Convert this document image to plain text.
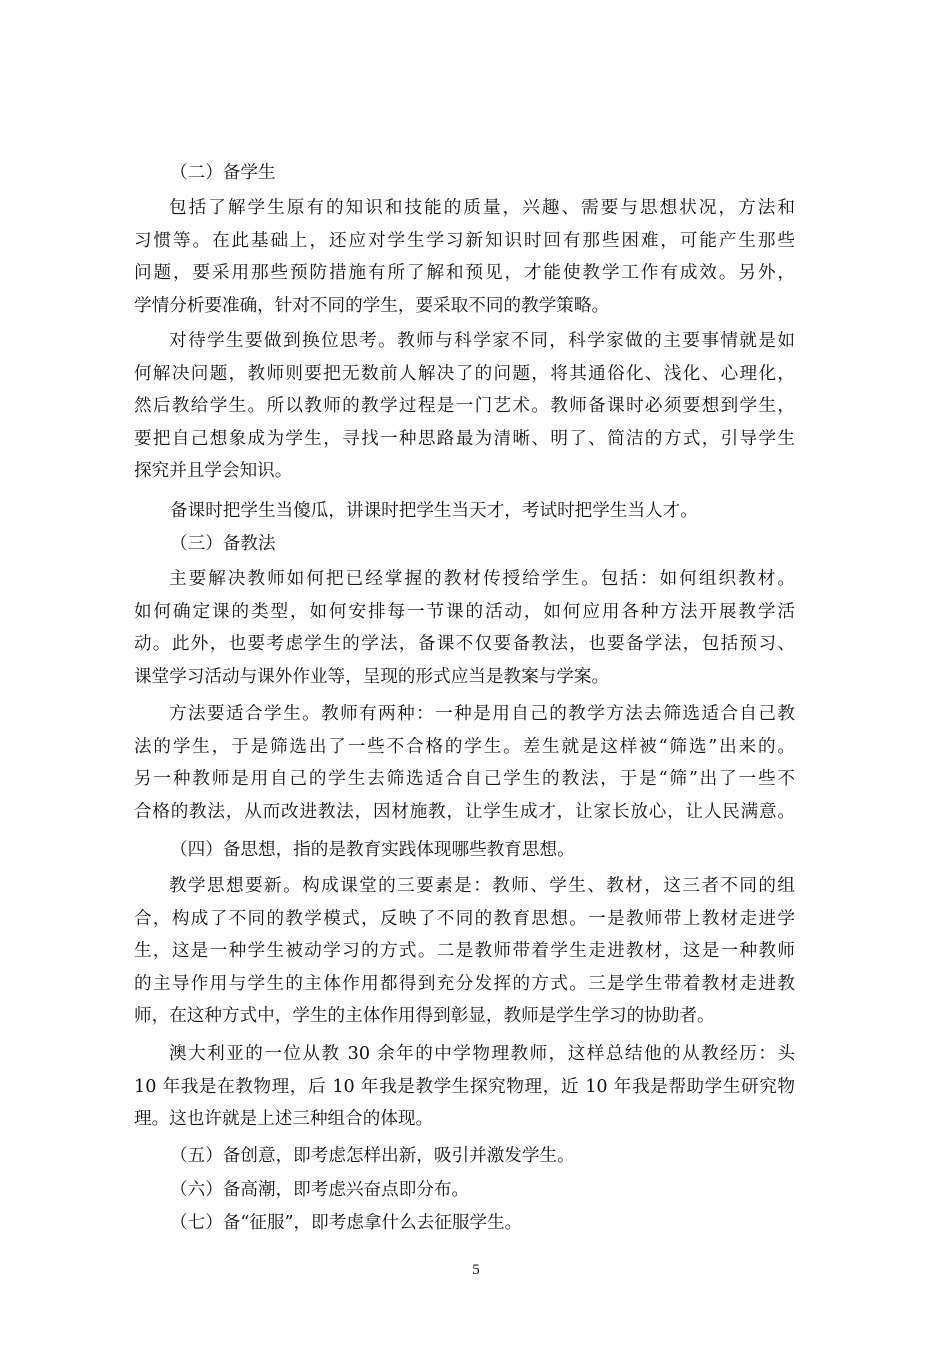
（二）备学生
包括了解学生原有的知识和技能的质量，兴趣、需要与思想状况，方法和
习惯等。在此基础上，还应对学生学习新知识时回有那些困难，可能产生那些
问题，要采用那些预防措施有所了解和预见，才能使教学工作有成效。另外，
学情分析要准确，针对不同的学生，要采取不同的教学策略。
对待学生要做到换位思考。教师与科学家不同，科学家做的主要事情就是如
何解决问题，教师则要把无数前人解决了的问题，将其通俗化、浅化、心理化，
然后教给学生。所以教师的教学过程是一门艺术。教师备课时必须要想到学生，
要把自己想象成为学生，寻找一种思路最为清晰、明了、简洁的方式，引导学生
探究并且学会知识。
备课时把学生当傻瓜，讲课时把学生当天才，考试时把学生当人才。
（三）备教法
主要解决教师如何把已经掌握的教材传授给学生。包括：如何组织教材。
如何确定课的类型，如何安排每一节课的活动，如何应用各种方法开展教学活
动。此外，也要考虑学生的学法，备课不仅要备教法，也要备学法，包括预习、
课堂学习活动与课外作业等，呈现的形式应当是教案与学案。
方法要适合学生。教师有两种：一种是用自己的教学方法去筛选适合自己教
法的学生，于是筛选出了一些不合格的学生。差生就是这样被“筛选”出来的。
另一种教师是用自己的学生去筛选适合自己学生的教法，于是“筛”出了一些不
合格的教法，从而改进教法，因材施教，让学生成才，让家长放心，让人民满意。
（四）备思想，指的是教育实践体现哪些教育思想。
教学思想要新。构成课堂的三要素是：教师、学生、教材，这三者不同的组
合，构成了不同的教学模式，反映了不同的教育思想。一是教师带上教材走进学
生，这是一种学生被动学习的方式。二是教师带着学生走进教材，这是一种教师
的主导作用与学生的主体作用都得到充分发挥的方式。三是学生带着教材走进教
师，在这种方式中，学生的主体作用得到彰显，教师是学生学习的协助者。
澳大利亚的一位从教 30 余年的中学物理教师，这样总结他的从教经历：头
10 年我是在教物理，后 10 年我是教学生探究物理，近 10 年我是帮助学生研究物
理。这也许就是上述三种组合的体现。
（五）备创意，即考虑怎样出新，吸引并激发学生。
（六）备高潮，即考虑兴奋点即分布。
（七）备“征服”，即考虑拿什么去征服学生。
5
